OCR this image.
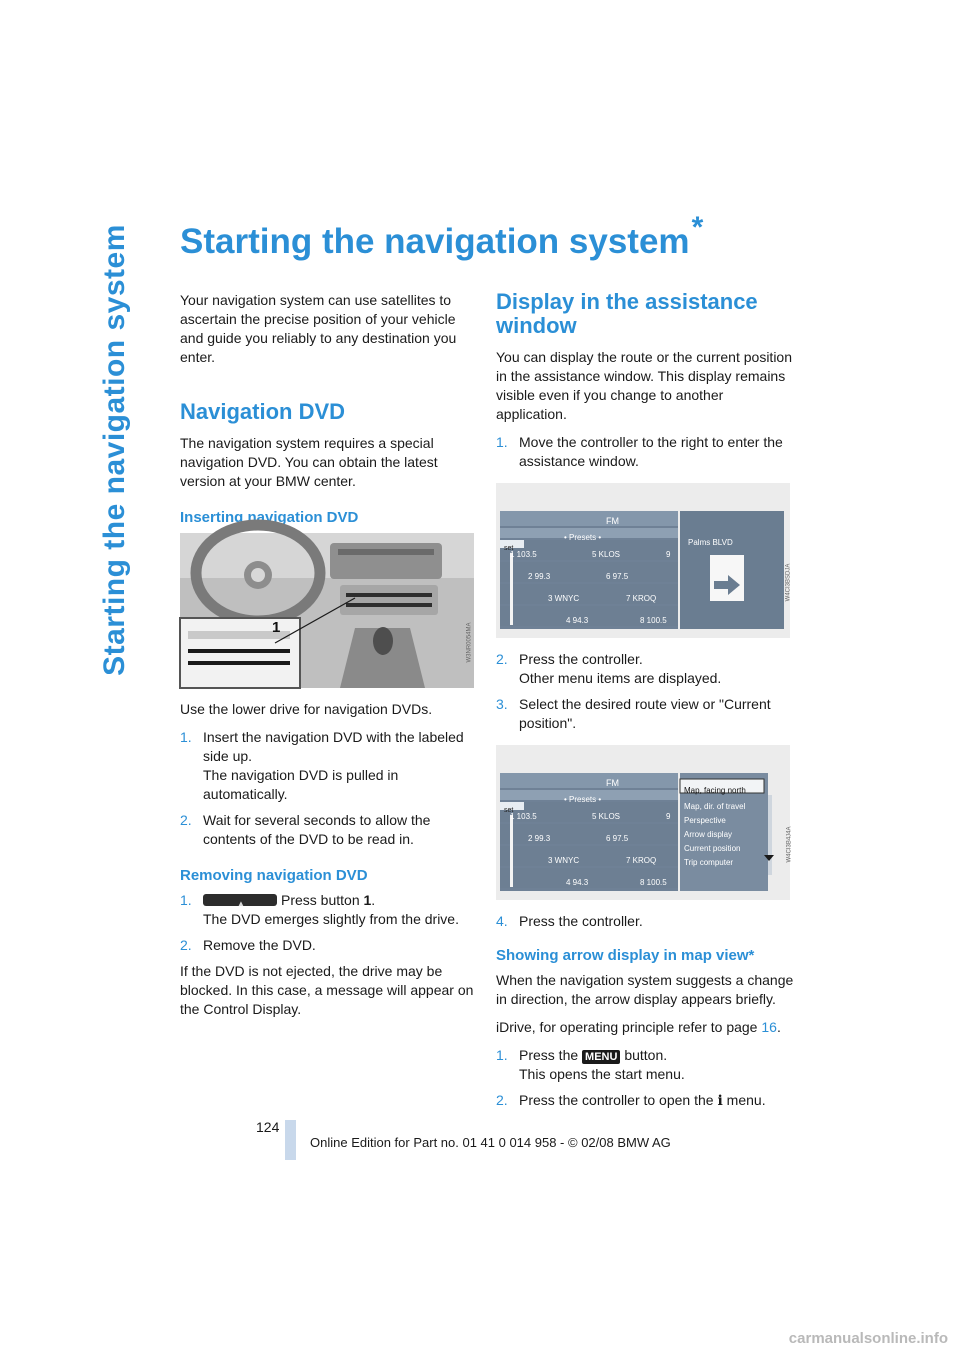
Starting the navigation system Starting the navigation system*

Your navigation system can use satellites to ascertain the precise position of your vehicle and guide you reliably to any destination you enter.

Navigation DVD

The navigation system requires a special navigation DVD. You can obtain the latest version at your BMW center.

Inserting navigation DVD
1	W3NR0054MA

Use the lower drive for navigation DVDs.

1. Insert the navigation DVD with the labeled side up.
The navigation DVD is pulled in automatically.
2. Wait for several seconds to allow the contents of the DVD to be read in.
Removing navigation DVD
1.
▲	Press button 1.
The DVD emerges slightly from the drive.
2. Remove the DVD.

If the DVD is not ejected, the drive may be blocked. In this case, a message will appear on the Control Display.

Display in the assistance window

You can display the route or the current position in the assistance window. This display remains visible even if you change to another application.

1. Move the controller to the right to enter the assistance window.
FM
• Presets •
set
Palms BLVD
1 103.5	5 KLOS	9
2 99.3	6 97.5
3 WNYC	7 KROQ
4 94.3	8 100.5
W4CI3BSDJA
2. Press the controller.
Other menu items are displayed.
3. Select the desired route view or "Current position".
FM
• Presets •
set
1 103.5	5 KLOS	9
2 99.3	6 97.5
3 WNYC	7 KROQ
4 94.3	8 100.5
Map, facing north
Map, dir. of travel
Perspective
Arrow display
Current position
Trip computer	W4CI3B4J4A
4. Press the controller.
Showing arrow display in map view*

When the navigation system suggests a change in direction, the arrow display appears briefly.

iDrive, for operating principle refer to page 16.

1. Press the MENU button.
This opens the start menu.
2. Press the controller to open the i menu.
124
Online Edition for Part no. 01 41 0 014 958 - © 02/08 BMW AG
carmanualsonline.info
